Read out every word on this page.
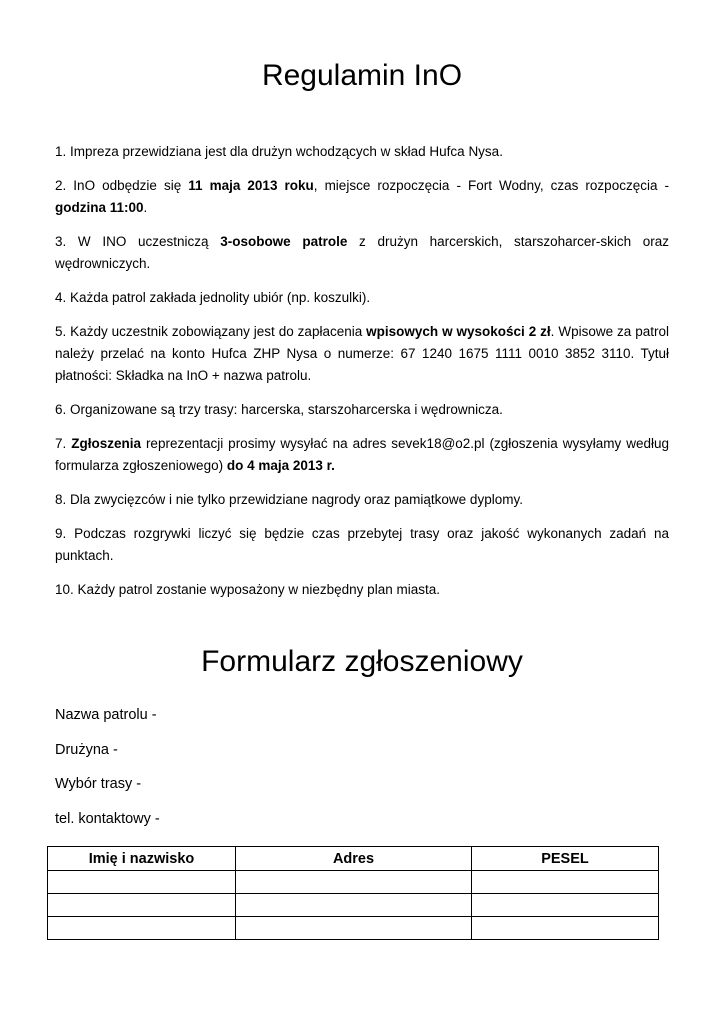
Regulamin InO

1. Impreza przewidziana jest dla drużyn wchodzących w skład Hufca Nysa.

2. InO odbędzie się 11 maja 2013 roku, miejsce rozpoczęcia - Fort Wodny, czas rozpoczęcia - godzina 11:00.

3. W INO uczestniczą 3-osobowe patrole z drużyn harcerskich, starszoharcer-skich oraz wędrowniczych.

4. Każda patrol zakłada jednolity ubiór (np. koszulki).

5. Każdy uczestnik zobowiązany jest do zapłacenia wpisowych w wysokości 2 zł. Wpisowe za patrol należy przelać na konto Hufca ZHP Nysa o numerze: 67 1240 1675 1111 0010 3852 3110. Tytuł płatności: Składka na InO + nazwa patrolu.

6. Organizowane są trzy trasy: harcerska, starszoharcerska i wędrownicza.

7. Zgłoszenia reprezentacji prosimy wysyłać na adres sevek18@o2.pl (zgłoszenia wysyłamy według formularza zgłoszeniowego) do 4 maja 2013 r.

8. Dla zwycięzców i nie tylko przewidziane nagrody oraz pamiątkowe dyplomy.

9. Podczas rozgrywki liczyć się będzie czas przebytej trasy oraz jakość wykonanych zadań na punktach.

10. Każdy patrol zostanie wyposażony w niezbędny plan miasta.

Formularz zgłoszeniowy
Nazwa patrolu -
Drużyna -
Wybór trasy -
tel. kontaktowy -
Imię i nazwisko	Adres	PESEL
